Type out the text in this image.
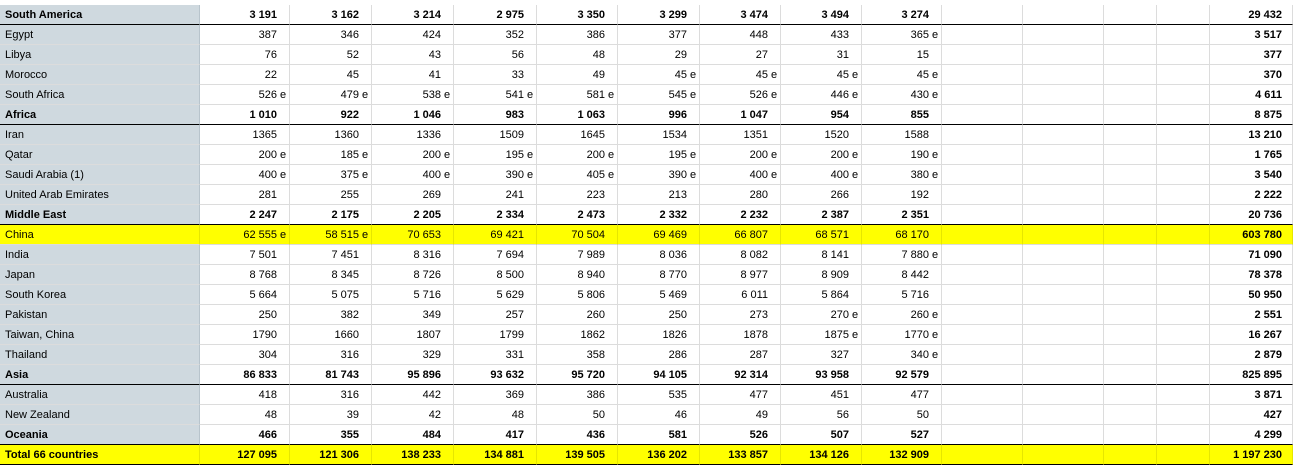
South America	3 191	3 162	3 214	2 975	3 350	3 299	3 474	3 494	3 274	29 432
Egypt	387	346	424	352	386	377	448	433	365 e	3 517
Libya	76	52	43	56	48	29	27	31	15	377
Morocco	22	45	41	33	49	45 e	45 e	45 e	45 e	370
South Africa	526 e	479 e	538 e	541 e	581 e	545 e	526 e	446 e	430 e	4 611
Africa	1 010	922	1 046	983	1 063	996	1 047	954	855	8 875
Iran	1365	1360	1336	1509	1645	1534	1351	1520	1588	13 210
Qatar	200 e	185 e	200 e	195 e	200 e	195 e	200 e	200 e	190 e	1 765
Saudi Arabia (1)	400 e	375 e	400 e	390 e	405 e	390 e	400 e	400 e	380 e	3 540
United Arab Emirates	281	255	269	241	223	213	280	266	192	2 222
Middle East	2 247	2 175	2 205	2 334	2 473	2 332	2 232	2 387	2 351	20 736
China	62 555 e	58 515 e	70 653	69 421	70 504	69 469	66 807	68 571	68 170	603 780
India	7 501	7 451	8 316	7 694	7 989	8 036	8 082	8 141	7 880 e	71 090
Japan	8 768	8 345	8 726	8 500	8 940	8 770	8 977	8 909	8 442	78 378
South Korea	5 664	5 075	5 716	5 629	5 806	5 469	6 011	5 864	5 716	50 950
Pakistan	250	382	349	257	260	250	273	270 e	260 e	2 551
Taiwan, China	1790	1660	1807	1799	1862	1826	1878	1875 e	1770 e	16 267
Thailand	304	316	329	331	358	286	287	327	340 e	2 879
Asia	86 833	81 743	95 896	93 632	95 720	94 105	92 314	93 958	92 579	825 895
Australia	418	316	442	369	386	535	477	451	477	3 871
New Zealand	48	39	42	48	50	46	49	56	50	427
Oceania	466	355	484	417	436	581	526	507	527	4 299
Total 66 countries	127 095	121 306	138 233	134 881	139 505	136 202	133 857	134 126	132 909	1 197 230
